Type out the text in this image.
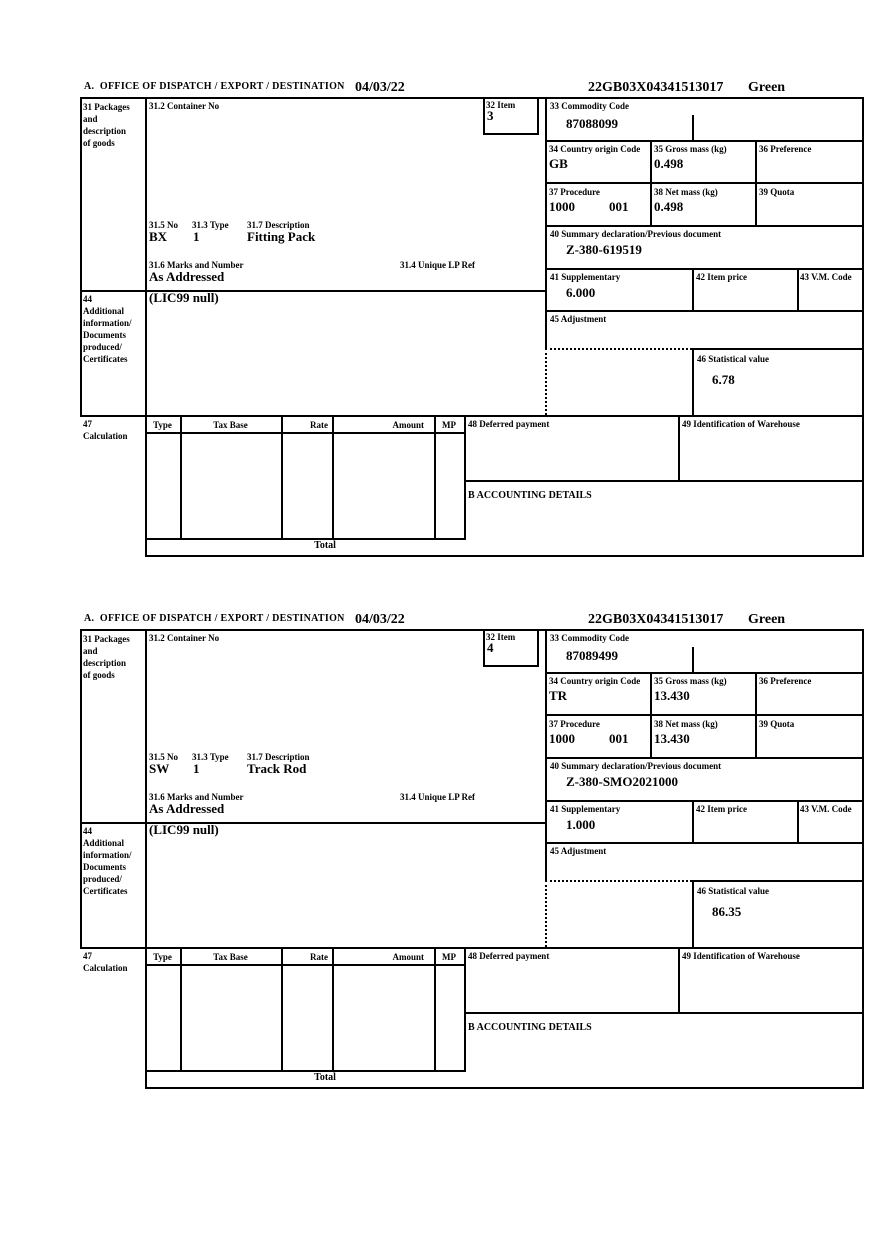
A.  OFFICE OF DISPATCH / EXPORT / DESTINATION 04/03/22	22GB03X04341513017 Green
31 Packages
and
description
of goods
44
Additional
information/
Documents
produced/
Certificates
47
Calculation
31.2 Container No	32 Item
3
31.5 No 31.3 Type 31.7 Description
BX 1	Fitting Pack
31.6 Marks and Number
As Addressed
31.4 Unique LP Ref
(LIC99 null)
33 Commodity Code
87088099
34 Country origin Code
GB
35 Gross mass (kg)
0.498
36 Preference
37 Procedure
1000	001
38 Net mass (kg)
0.498
39 Quota
40 Summary declaration/Previous document
Z-380-619519
41 Supplementary
6.000
42 Item price	43 V.M. Code
45 Adjustment
46 Statistical value
6.78
Type	Tax Base	Rate	Amount	MP	48 Deferred payment	49 Identification of Warehouse
B ACCOUNTING DETAILS
Total
A.  OFFICE OF DISPATCH / EXPORT / DESTINATION 04/03/22	22GB03X04341513017 Green
31 Packages
and
description
of goods
44
Additional
information/
Documents
produced/
Certificates
47
Calculation
31.2 Container No	32 Item
4
31.5 No 31.3 Type 31.7 Description
SW 1	Track Rod
31.6 Marks and Number
As Addressed
31.4 Unique LP Ref
(LIC99 null)
33 Commodity Code
87089499
34 Country origin Code
TR
35 Gross mass (kg)
13.430
36 Preference
37 Procedure
1000	001
38 Net mass (kg)
13.430
39 Quota
40 Summary declaration/Previous document
Z-380-SMO2021000
41 Supplementary
1.000
42 Item price	43 V.M. Code
45 Adjustment
46 Statistical value
86.35
Type	Tax Base	Rate	Amount	MP	48 Deferred payment	49 Identification of Warehouse
B ACCOUNTING DETAILS
Total
